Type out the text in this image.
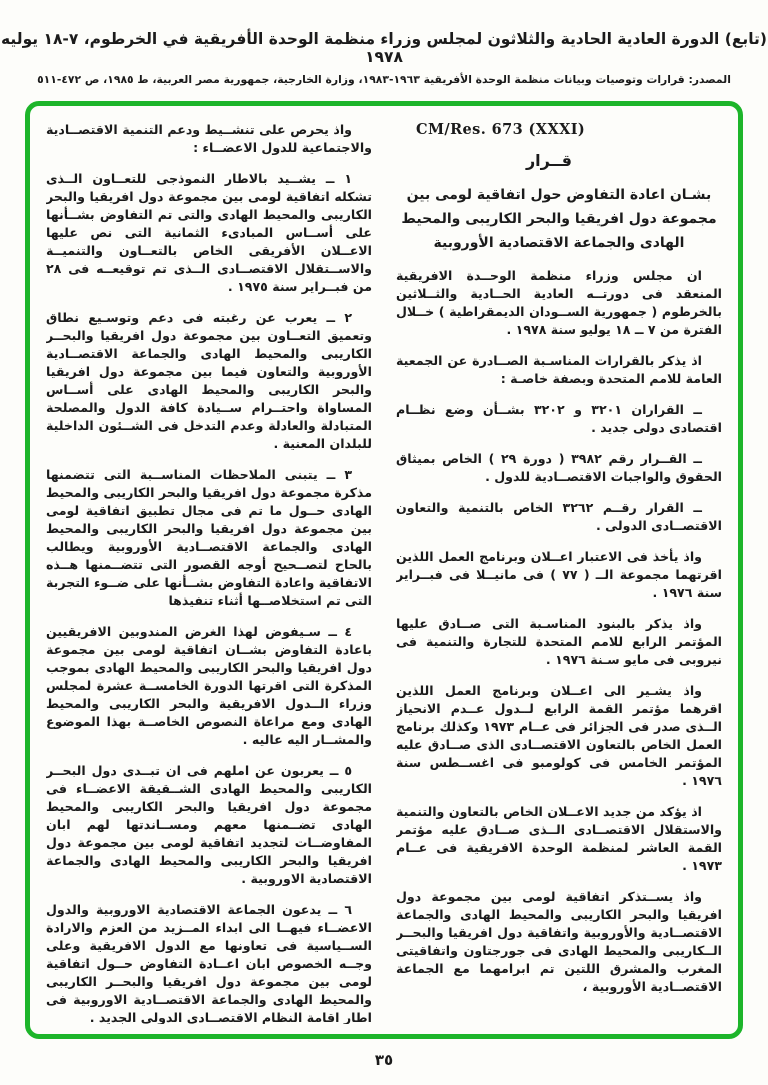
(تابع) الدورة العادية الحادية والثلاثون لمجلس وزراء منظمة الوحدة الأفريقية في الخرطوم، ٧-١٨ يوليه ١٩٧٨
المصدر: قرارات وتوصيات وبيانات منظمة الوحدة الأفريقية ١٩٦٣-١٩٨٣، وزارة الخارجية، جمهورية مصر العربية، ط ١٩٨٥، ص ٤٧٢-٥١١

CM/Res. 673 (XXXI)

قــرار

بشـان اعادة التفاوض حول اتفاقية لومى بين
مجموعة دول افريقيا والبحر الكاريبى والمحيط
الهادى والجماعة الاقتصادية الأوروبية

ان مجلس وزراء منظمة الوحــدة الافريقية المنعقد فى دورتــه العادية الحــادية والثــلاثين بالخرطوم ( جمهورية الســودان الديمقراطية ) خــلال الفترة من ٧ ــ ١٨ يوليو سنة ١٩٧٨ .

اذ يذكر بالقرارات المناسـبة الصــادرة عن الجمعية العامة للامم المتحدة وبصفة خاصـة :

ــ القراران ٣٢٠١ و ٣٢٠٢ بشــأن وضع نظــام اقتصادى دولى جديد .

ــ القــرار رقم ٣٩٨٢ ( دورة ٢٩ ) الخاص بميثاق الحقوق والواجبات الاقتصــادية للدول .

ــ القرار رقــم ٣٢٦٢ الخاص بالتنمية والتعاون الاقتصــادى الدولى .

واذ يأخذ فى الاعتبار اعــلان وبرنامج العمل اللذين اقرتهما مجموعة الــ ( ٧٧ ) فى مانيــلا فى فبــراير سنة ١٩٧٦ .

واذ يذكر بالبنود المناسـبة التى صــادق عليها المؤتمر الرابع للامم المتحدة للتجارة والتنمية فى نيروبى فى مايو سـنة ١٩٧٦ .

واذ يشـير الى اعــلان وبرنامج العمل اللذين اقرهما مؤتمر القمة الرابع لــدول عــدم الانحياز الــذى صدر فى الجزائر فى عــام ١٩٧٣ وكذلك برنامج العمل الخاص بالتعاون الاقتصــادى الذى صــادق عليه المؤتمر الخامس فى كولومبو فى اغســطس سنة ١٩٧٦ .

اذ يؤكد من جديد الاعــلان الخاص بالتعاون والتنمية والاستقلال الاقتصــادى الــذى صــادق عليه مؤتمر القمة العاشر لمنظمة الوحدة الافريقية فى عــام ١٩٧٣ .

واذ يســتذكر اتفاقية لومى بين مجموعة دول افريقيا والبحر الكاريبى والمحيط الهادى والجماعة الاقتصــادية والأوروبية واتفاقية دول افريقيا والبحــر الــكاريبى والمحيط الهادى فى جورجتاون واتفاقيتى المغرب والمشرق اللتين تم ابرامهما مع الجماعة الاقتصــادية الأوروبية ،

واذ يحرص على تنشــيط ودعم التنمية الاقتصــادية والاجتماعية للدول الاعضــاء :

١ ــ يشــيد بالاطار النموذجى للتعــاون الــذى تشكله اتفاقية لومى بين مجموعة دول افريقيا والبحر الكاريبى والمحيط الهادى والتى تم التفاوض بشــأنها على أســاس المبادىء الثمانية التى نص عليها الاعــلان الأفريقى الخاص بالتعــاون والتنميــة والاســتقلال الاقتصــادى الــذى تم توقيعــه فى ٢٨ من فبــراير سنة ١٩٧٥ .

٢ ــ يعرب عن رغبته فى دعم وتوسـيع نطاق وتعميق التعــاون بين مجموعة دول افريقيا والبحــر الكاريبى والمحيط الهادى والجماعة الاقتصــادية الأوروبية والتعاون فيما بين مجموعة دول افريقيا والبحر الكاريبى والمحيط الهادى على أســاس المساواة واحتــرام ســيادة كافة الدول والمصلحة المتبادلة والعادلة وعدم التدخل فى الشــئون الداخلية للبلدان المعنية .

٣ ــ يتبنى الملاحظات المناســبة التى تتضمنها مذكرة مجموعة دول افريقيا والبحر الكاريبى والمحيط الهادى حــول ما تم فى مجال تطبيق اتفاقية لومى بين مجموعة دول افريقيا والبحر الكاريبى والمحيط الهادى والجماعة الاقتصــادية الأوروبية ويطالب بالحاح لتصــحيح أوجه القصور التى تتضــمنها هــذه الاتفاقية واعادة التفاوض بشــأنها على ضــوء التجربة التى تم استخلاصــها أثناء تنفيذها

٤ ــ سـيفوض لهذا الغرض المندوبين الافريقيين باعادة التفاوض بشــان اتفاقية لومى بين مجموعة دول افريقيا والبحر الكاريبى والمحيط الهادى بموجب المذكرة التى اقرتها الدورة الخامســة عشرة لمجلس وزراء الــدول الافريقية والبحر الكاريبى والمحيط الهادى ومع مراعاة النصوص الخاصــة بهذا الموضوع والمشــار اليه عاليه .

٥ ــ يعربون عن املهم فى ان تبــدى دول البحــر الكاريبى والمحيط الهادى الشــقيقة الاعضــاء فى مجموعة دول افريقيا والبحر الكاريبى والمحيط الهادى تضــمنها معهم ومســاندتها لهم ابان المفاوضــات لتجديد اتفاقية لومى بين مجموعة دول افريقيا والبحر الكاريبى والمحيط الهادى والجماعة الاقتصادية الاوروبية .

٦ ــ يدعون الجماعة الاقتصادية الاوروبية والدول الاعضــاء فيهــا الى ابداء المــزيد من العزم والارادة الســياسية فى تعاونها مع الدول الافريقية وعلى وجــه الخصوص ابان اعــادة التفاوض حــول اتفاقية لومى بين مجموعة دول افريقيا والبحــر الكاريبى والمحيط الهادى والجماعة الاقتصــادية الاوروبية فى اطار اقامة النظام الاقتصــادى الدولى الجديد .

٣٥
